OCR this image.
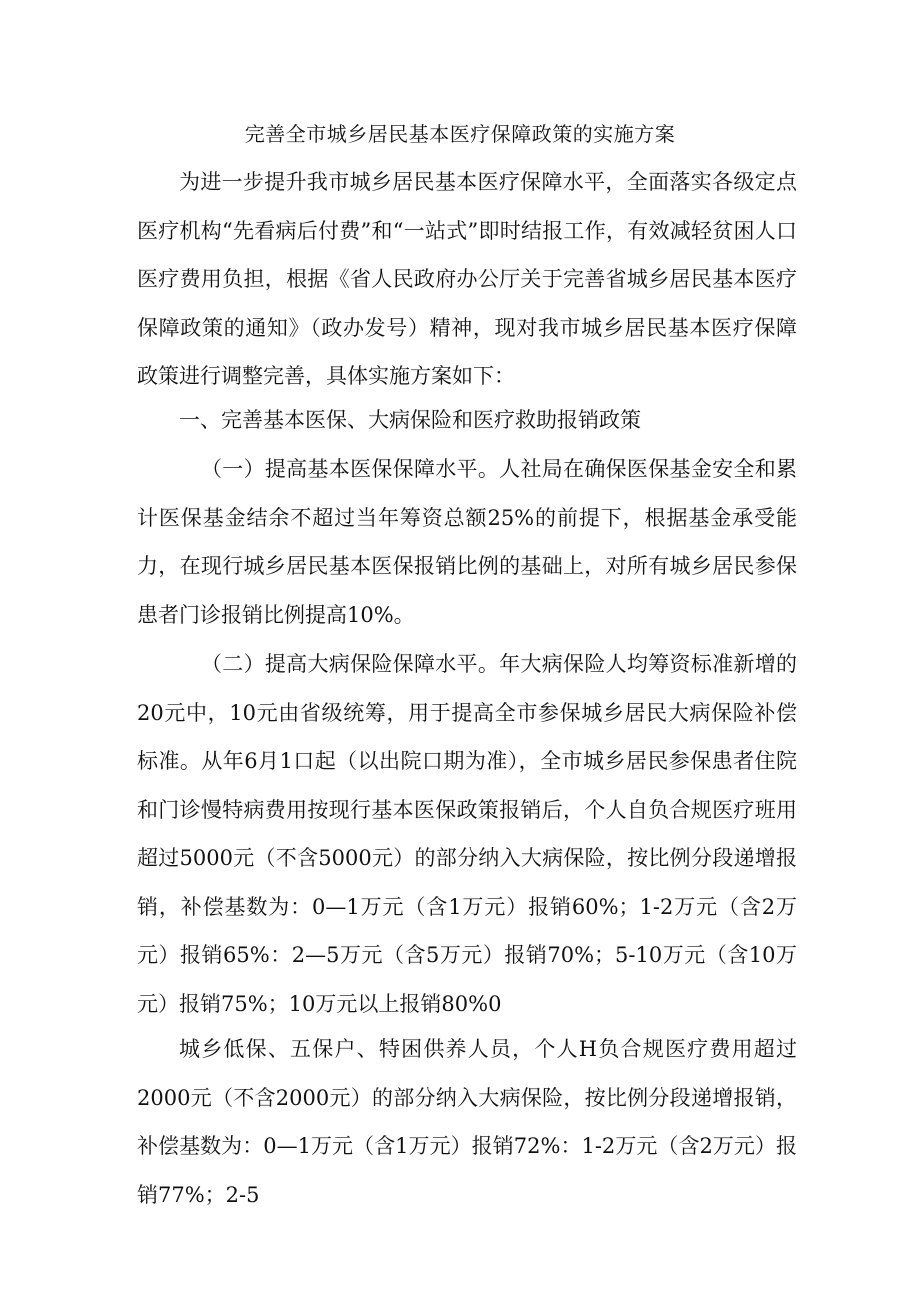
完善全市城乡居民基本医疗保障政策的实施方案

为进一步提升我市城乡居民基本医疗保障水平，全面落实各级定点医疗机构“先看病后付费”和“一站式”即时结报工作，有效减轻贫困人口医疗费用负担，根据《省人民政府办公厅关于完善省城乡居民基本医疗保障政策的通知》（政办发号）精神，现对我市城乡居民基本医疗保障政策进行调整完善，具体实施方案如下：

一、完善基本医保、大病保险和医疗救助报销政策

（一）提高基本医保保障水平。人社局在确保医保基金安全和累计医保基金结余不超过当年筹资总额25%的前提下，根据基金承受能力，在现行城乡居民基本医保报销比例的基础上，对所有城乡居民参保患者门诊报销比例提高10%。

（二）提高大病保险保障水平。年大病保险人均筹资标准新增的20元中，10元由省级统筹，用于提高全市参保城乡居民大病保险补偿标准。从年6月1口起（以出院口期为准），全市城乡居民参保患者住院和门诊慢特病费用按现行基本医保政策报销后，个人自负合规医疗班用超过5000元（不含5000元）的部分纳入大病保险，按比例分段递增报销，补偿基数为：0—1万元（含1万元）报销60%；1-2万元（含2万元）报销65%：2—5万元（含5万元）报销70%；5-10万元（含10万元）报销75%；10万元以上报销80%0

城乡低保、五保户、特困供养人员，个人H负合规医疗费用超过2000元（不含2000元）的部分纳入大病保险，按比例分段递增报销，补偿基数为：0—1万元（含1万元）报销72%：1-2万元（含2万元）报销77%；2-5
